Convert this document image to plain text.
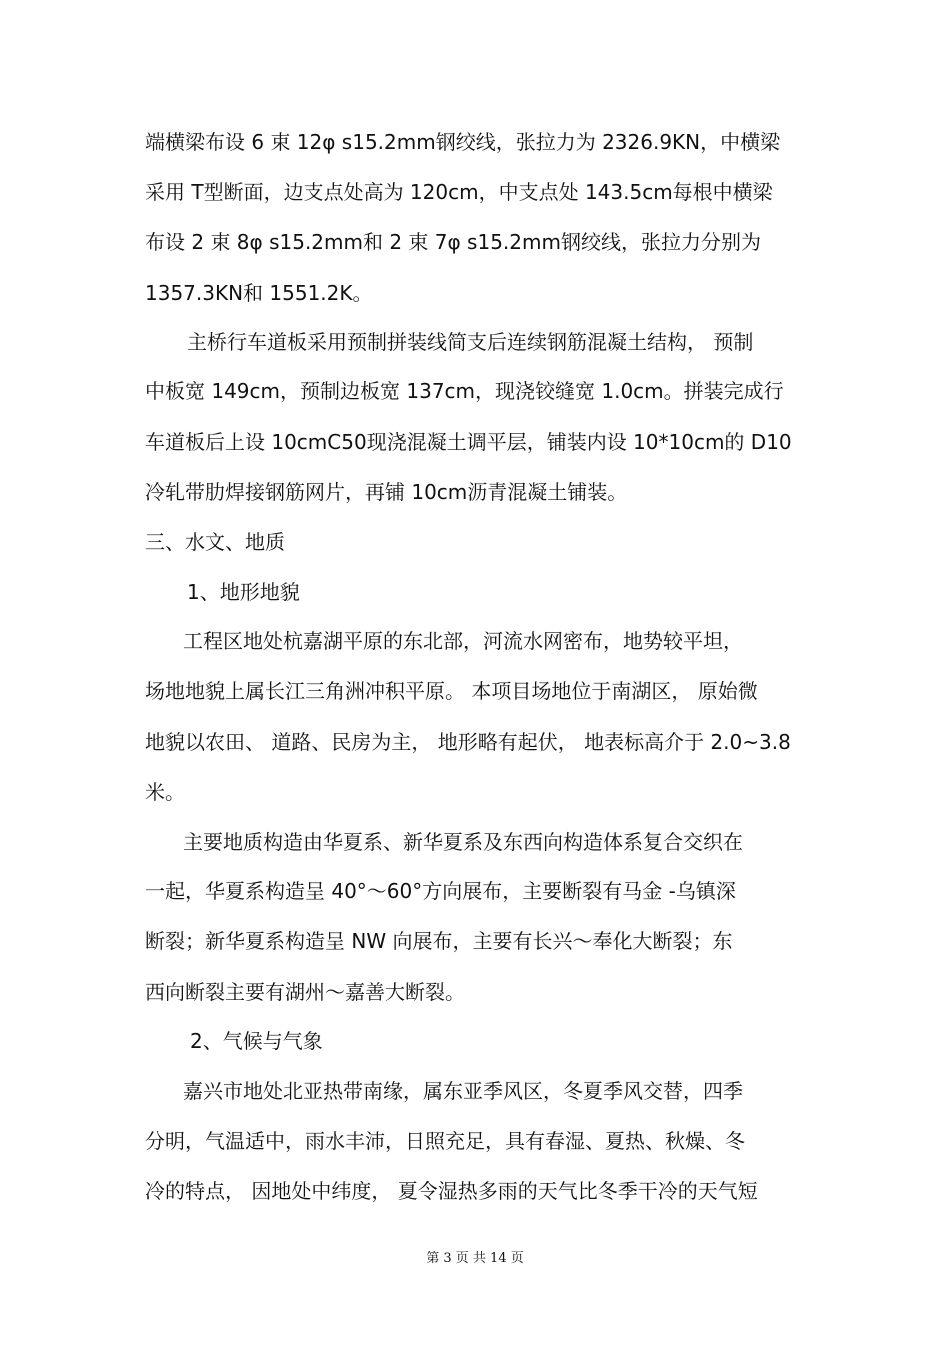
端横梁布设 6 束 12φ s15.2mm钢绞线，张拉力为 2326.9KN，中横梁
采用 T型断面，边支点处高为 120cm，中支点处 143.5cm每根中横梁
布设 2 束 8φ s15.2mm和 2 束 7φ s15.2mm钢绞线，张拉力分别为
1357.3KN和 1551.2K。
主桥行车道板采用预制拼装线简支后连续钢筋混凝土结构， 预制
中板宽 149cm，预制边板宽 137cm，现浇铰缝宽 1.0cm。拼装完成行
车道板后上设 10cmC50现浇混凝土调平层，铺装内设 10*10cm的 D10
冷轧带肋焊接钢筋网片，再铺 10cm沥青混凝土铺装。
三、水文、地质
1、地形地貌
工程区地处杭嘉湖平原的东北部，河流水网密布，地势较平坦，
场地地貌上属长江三角洲冲积平原。 本项目场地位于南湖区， 原始微
地貌以农田、 道路、民房为主， 地形略有起伏， 地表标高介于 2.0~3.8
米。
主要地质构造由华夏系、新华夏系及东西向构造体系复合交织在
一起，华夏系构造呈 40°～60°方向展布，主要断裂有马金 -乌镇深
断裂；新华夏系构造呈 NW 向展布，主要有长兴～奉化大断裂；东
西向断裂主要有湖州～嘉善大断裂。
2、气候与气象
嘉兴市地处北亚热带南缘，属东亚季风区，冬夏季风交替，四季
分明，气温适中，雨水丰沛，日照充足，具有春湿、夏热、秋燥、冬
冷的特点， 因地处中纬度， 夏令湿热多雨的天气比冬季干冷的天气短
第 3 页 共 14 页
